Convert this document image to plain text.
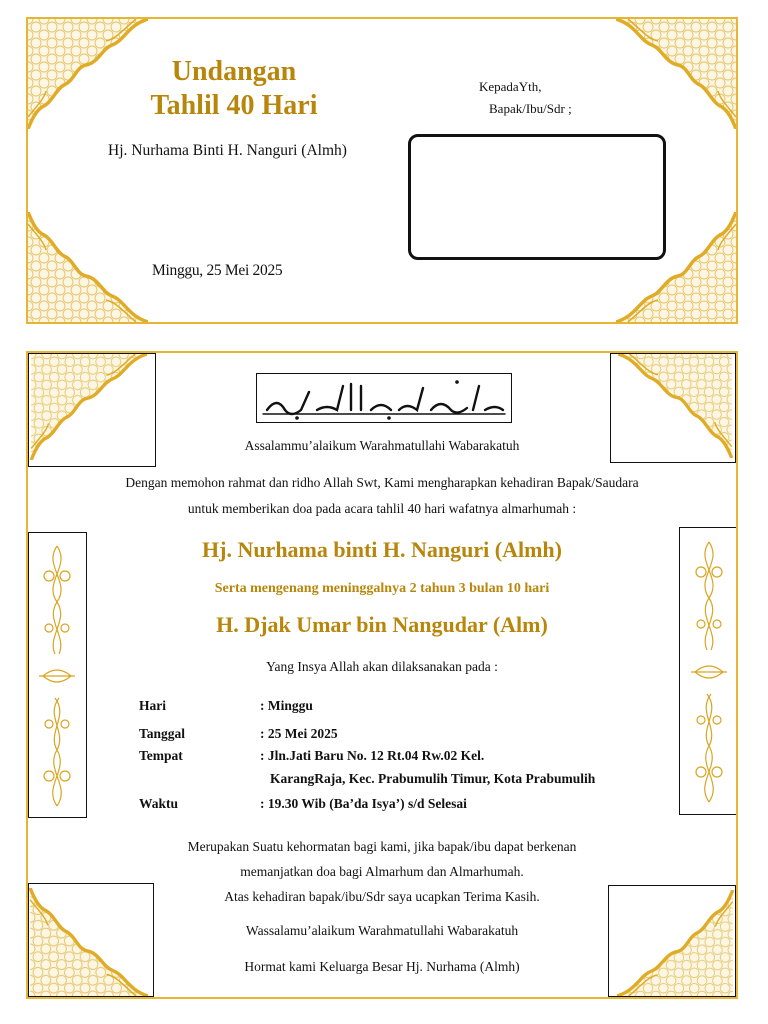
Undangan
Tahlil 40 Hari
Hj. Nurhama Binti H. Nanguri (Almh)
Minggu, 25 Mei 2025
KepadaYth,
Bapak/Ibu/Sdr ;
Assalammu’alaikum Warahmatullahi Wabarakatuh
Dengan memohon rahmat dan ridho Allah Swt, Kami mengharapkan kehadiran Bapak/Saudara
untuk memberikan doa pada acara tahlil 40 hari wafatnya almarhumah :
Hj. Nurhama binti H. Nanguri (Almh)
Serta mengenang meninggalnya 2 tahun 3 bulan 10 hari
H. Djak Umar bin Nangudar (Alm)
Yang Insya Allah akan dilaksanakan pada :
Hari	: Minggu
Tanggal	: 25 Mei 2025
Tempat	: Jln.Jati Baru No. 12 Rt.04 Rw.02 Kel.
KarangRaja, Kec. Prabumulih Timur, Kota Prabumulih
Waktu	: 19.30 Wib (Ba’da Isya’) s/d Selesai
Merupakan Suatu kehormatan bagi kami, jika bapak/ibu dapat berkenan
memanjatkan doa bagi Almarhum dan Almarhumah.
Atas kehadiran bapak/ibu/Sdr saya ucapkan Terima Kasih.
Wassalamu’alaikum Warahmatullahi Wabarakatuh
Hormat kami Keluarga Besar Hj. Nurhama (Almh)
